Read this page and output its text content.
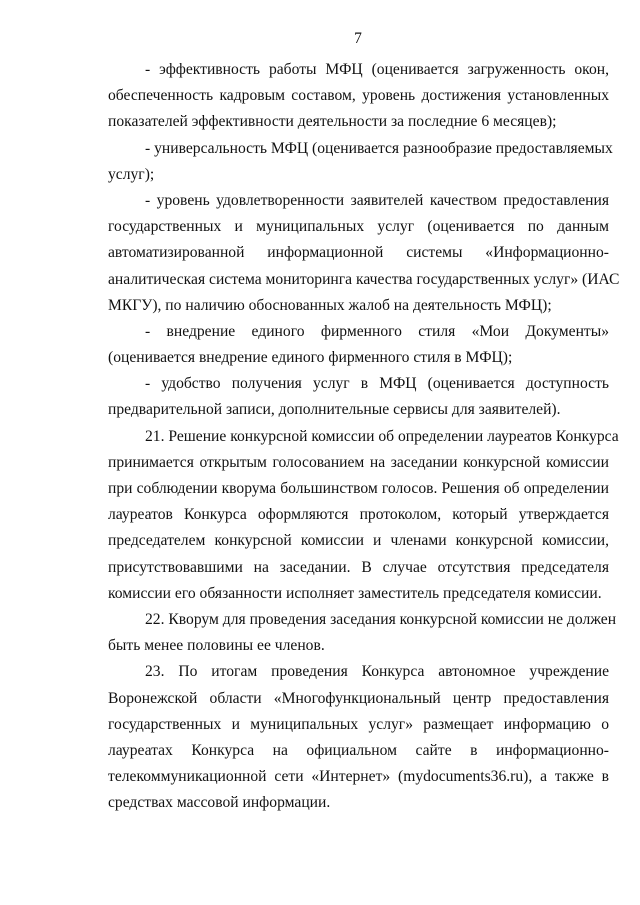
7
- эффективность работы МФЦ (оценивается загруженность окон,
обеспеченность кадровым составом, уровень достижения установленных
показателей эффективности деятельности за последние 6 месяцев);
- универсальность МФЦ (оценивается разнообразие предоставляемых
услуг);
- уровень удовлетворенности заявителей качеством предоставления
государственных и муниципальных услуг (оценивается по данным
автоматизированной информационной системы «Информационно-
аналитическая система мониторинга качества государственных услуг» (ИАС
МКГУ), по наличию обоснованных жалоб на деятельность МФЦ);
- внедрение единого фирменного стиля «Мои Документы»
(оценивается внедрение единого фирменного стиля в МФЦ);
- удобство получения услуг в МФЦ (оценивается доступность
предварительной записи, дополнительные сервисы для заявителей).
21. Решение конкурсной комиссии об определении лауреатов Конкурса
принимается открытым голосованием на заседании конкурсной комиссии
при соблюдении кворума большинством голосов. Решения об определении
лауреатов Конкурса оформляются протоколом, который утверждается
председателем конкурсной комиссии и членами конкурсной комиссии,
присутствовавшими на заседании. В случае отсутствия председателя
комиссии его обязанности исполняет заместитель председателя комиссии.
22. Кворум для проведения заседания конкурсной комиссии не должен
быть менее половины ее членов.
23. По итогам проведения Конкурса автономное учреждение
Воронежской области «Многофункциональный центр предоставления
государственных и муниципальных услуг» размещает информацию о
лауреатах Конкурса на официальном сайте в информационно-
телекоммуникационной сети «Интернет» (mydocuments36.ru), а также в
средствах массовой информации.
